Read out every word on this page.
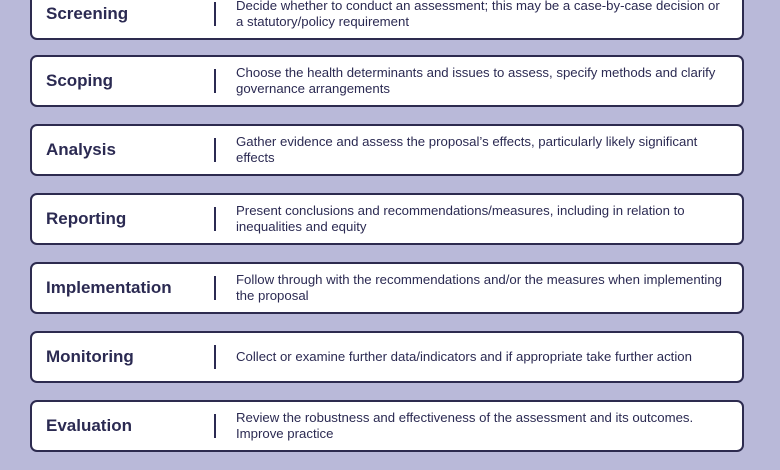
Screening	Decide whether to conduct an assessment; this may be a case-by-case decision or a statutory/policy requirement
Scoping	Choose the health determinants and issues to assess, specify methods and clarify governance arrangements
Analysis	Gather evidence and assess the proposal’s effects, particularly likely significant effects
Reporting	Present conclusions and recommendations/measures, including in relation to inequalities and equity
Implementation	Follow through with the recommendations and/or the measures when implementing the proposal
Monitoring	Collect or examine further data/indicators and if appropriate take further action
Evaluation	Review the robustness and effectiveness of the assessment and its outcomes. Improve practice
